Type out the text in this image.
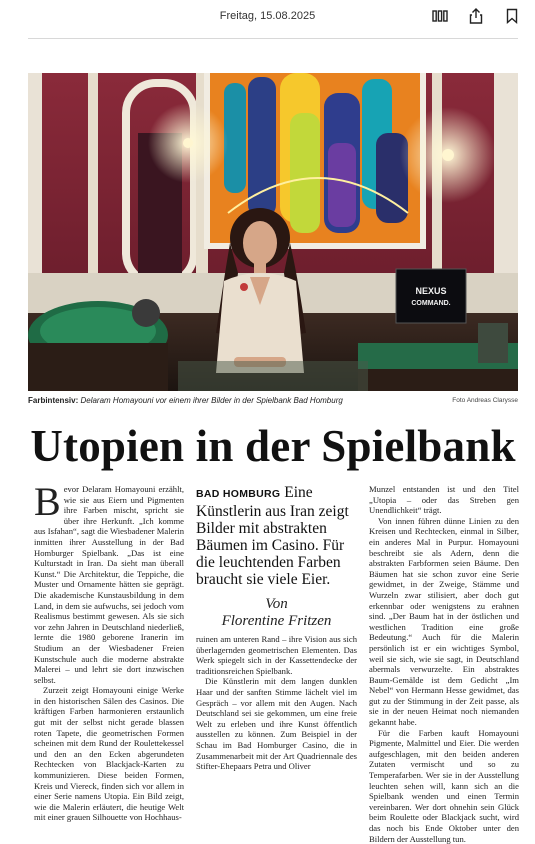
Freitag, 15.08.2025
NEXUS
COMMAND.
Farbintensiv: Delaram Homayouni vor einem ihrer Bilder in der Spielbank Bad Homburg	Foto Andreas Clarysse
Utopien in der Spielbank

Bevor Delaram Homayouni erzählt, wie sie aus Eiern und Pigmenten ihre Farben mischt, spricht sie über ihre Herkunft. „Ich komme aus Isfahan“, sagt die Wiesbadener Malerin inmitten ihrer Ausstellung in der Bad Homburger Spielbank. „Das ist eine Kulturstadt in Iran. Da sieht man überall Kunst.“ Die Architektur, die Teppiche, die Muster und Ornamente hätten sie geprägt. Die akademische Kunstausbildung in dem Land, in dem sie aufwuchs, sei jedoch vom Realismus bestimmt gewesen. Als sie sich vor zehn Jahren in Deutschland niederließ, lernte die 1980 geborene Iranerin im Studium an der Wiesbadener Freien Kunstschule auch die moderne abstrakte Malerei – und lehrt sie dort inzwischen selbst.

Zurzeit zeigt Homayouni einige Werke in den historischen Sälen des Casinos. Die kräftigen Farben harmonieren erstaunlich gut mit der selbst nicht gerade blassen roten Tapete, die geometrischen Formen scheinen mit dem Rund der Roulettekessel und den an den Ecken abgerundeten Rechtecken von Blackjack-Karten zu kommunizieren. Diese beiden Formen, Kreis und Viereck, finden sich vor allem in einer Serie namens Utopia. Ein Bild zeigt, wie die Malerin erläutert, die heutige Welt mit einer grauen Silhouette von Hochhaus-

BAD HOMBURG Eine Künstlerin aus Iran zeigt Bilder mit abstrakten Bäumen im Casino. Für die leuchtenden Farben braucht sie viele Eier.
Von
Florentine Fritzen

ruinen am unteren Rand – ihre Vision aus sich überlagernden geometrischen Elementen. Das Werk spiegelt sich in der Kassettendecke der traditionsreichen Spielbank.

Die Künstlerin mit dem langen dunklen Haar und der sanften Stimme lächelt viel im Gespräch – vor allem mit den Augen. Nach Deutschland sei sie gekommen, um eine freie Welt zu erleben und ihre Kunst öffentlich ausstellen zu können. Zum Beispiel in der Schau im Bad Homburger Casino, die in Zusammenarbeit mit der Art Quadriennale des Stifter-Ehepaars Petra und Oliver

Munzel entstanden ist und den Titel „Utopia – oder das Streben gen Unendlichkeit“ trägt.

Von innen führen dünne Linien zu den Kreisen und Rechtecken, einmal in Silber, ein anderes Mal in Purpur. Homayouni beschreibt sie als Adern, denn die abstrakten Farbformen seien Bäume. Den Bäumen hat sie schon zuvor eine Serie gewidmet, in der Zweige, Stämme und Wurzeln zwar stilisiert, aber doch gut erkennbar oder wenigstens zu erahnen sind. „Der Baum hat in der östlichen und westlichen Tradition eine große Bedeutung.“ Auch für die Malerin persönlich ist er ein wichtiges Symbol, weil sie sich, wie sie sagt, in Deutschland abermals verwurzelte. Ein abstraktes Baum-Gemälde ist dem Gedicht „Im Nebel“ von Hermann Hesse gewidmet, das gut zu der Stimmung in der Zeit passe, als sie in der neuen Heimat noch niemanden gekannt habe.

Für die Farben kauft Homayouni Pigmente, Malmittel und Eier. Die werden aufgeschlagen, mit den beiden anderen Zutaten vermischt und so zu Temperafarben. Wer sie in der Ausstellung leuchten sehen will, kann sich an die Spielbank wenden und einen Termin vereinbaren. Wer dort ohnehin sein Glück beim Roulette oder Blackjack sucht, wird das noch bis Ende Oktober unter den Bildern der Ausstellung tun.
